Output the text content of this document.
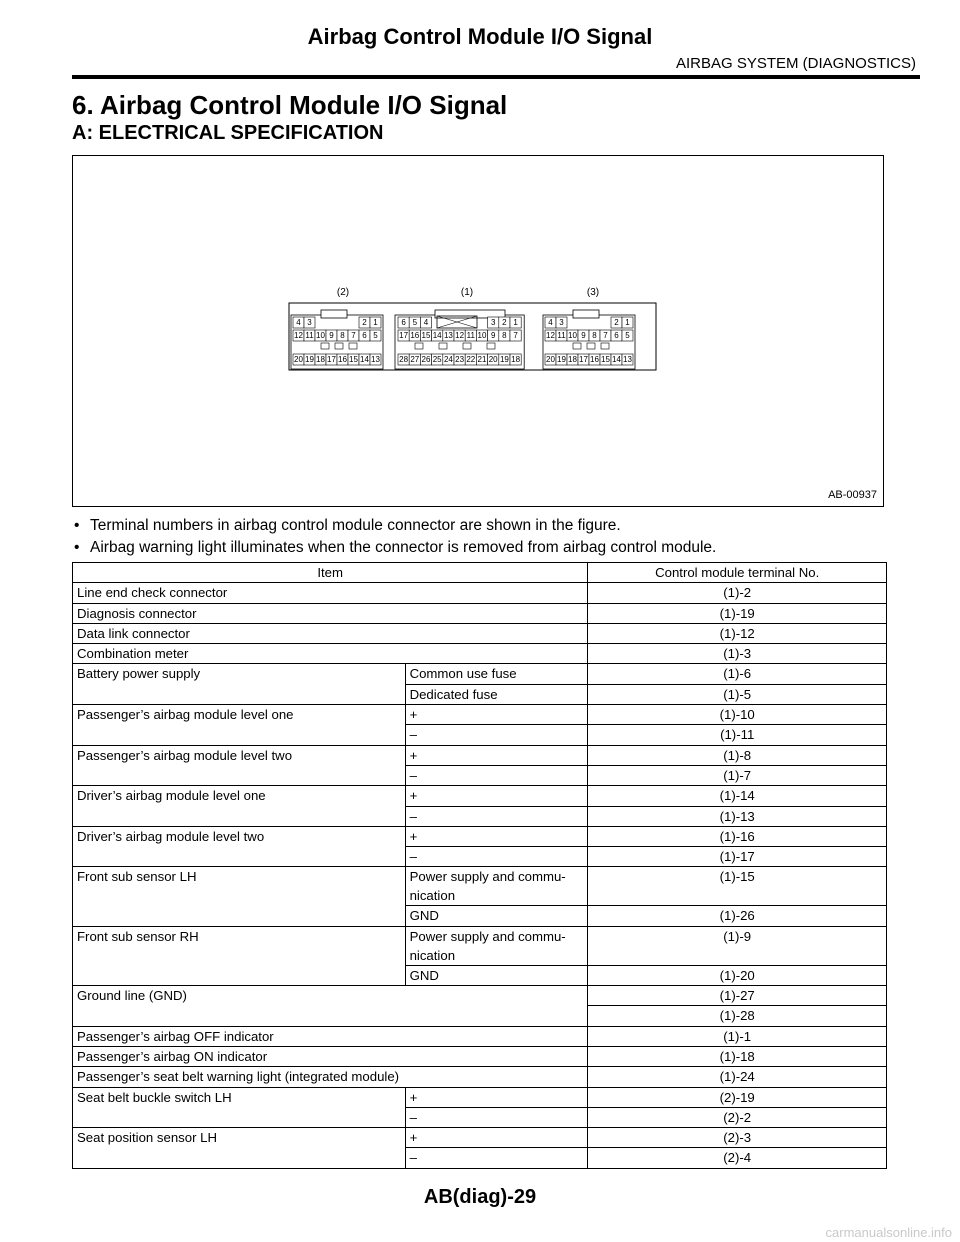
Airbag Control Module I/O Signal
AIRBAG SYSTEM (DIAGNOSTICS)
6. Airbag Control Module I/O Signal
A: ELECTRICAL SPECIFICATION
(2)	(1)	(3)
4 3	2 1
12 11 10 9 8 7 6 5
20 19 18 17 16 15 14 13
6 5 4	3 2 1
17 16 15 14 13 12 11 10 9 8 7
28 27 26 25 24 23 22 21 20 19 18
4 3	2 1
12 11 10 9 8 7 6 5
20 19 18 17 16 15 14 13
AB-00937
• Terminal numbers in airbag control module connector are shown in the figure.
• Airbag warning light illuminates when the connector is removed from airbag control module.
Item		Control module terminal No.
Line end check connector		(1)-2
Diagnosis connector		(1)-19
Data link connector		(1)-12
Combination meter		(1)-3
Battery power supply	Common use fuse	(1)-6
	Dedicated fuse	(1)-5
Passenger’s airbag module level one	+	(1)-10
	–	(1)-11
Passenger’s airbag module level two	+	(1)-8
	–	(1)-7
Driver’s airbag module level one	+	(1)-14
	–	(1)-13
Driver’s airbag module level two	+	(1)-16
	–	(1)-17
Front sub sensor LH	Power supply and commu-
nication	(1)-15
	GND	(1)-26
Front sub sensor RH	Power supply and commu-
nication	(1)-9
	GND	(1)-20
Ground line (GND)		(1)-27
		(1)-28
Passenger’s airbag OFF indicator		(1)-1
Passenger’s airbag ON indicator		(1)-18
Passenger’s seat belt warning light (integrated module)		(1)-24
Seat belt buckle switch LH	+	(2)-19
	–	(2)-2
Seat position sensor LH	+	(2)-3
	–	(2)-4
AB(diag)-29
carmanualsonline.info
